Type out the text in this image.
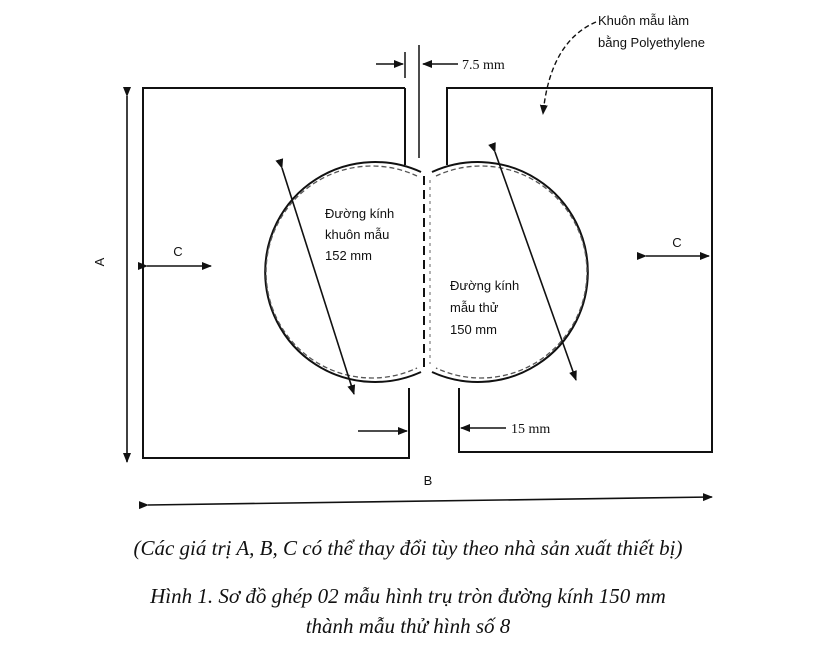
A
B
C
C
7.5 mm
15 mm
Khuôn mẫu làm
bằng Polyethylene
Đường kính
khuôn mẫu
152 mm
Đường kính
mẫu thử
150 mm
(Các giá trị A, B, C có thể thay đổi tùy theo nhà sản xuất thiết bị)
Hình 1. Sơ đồ ghép 02 mẫu hình trụ tròn đường kính 150 mm
thành mẫu thử hình số 8
